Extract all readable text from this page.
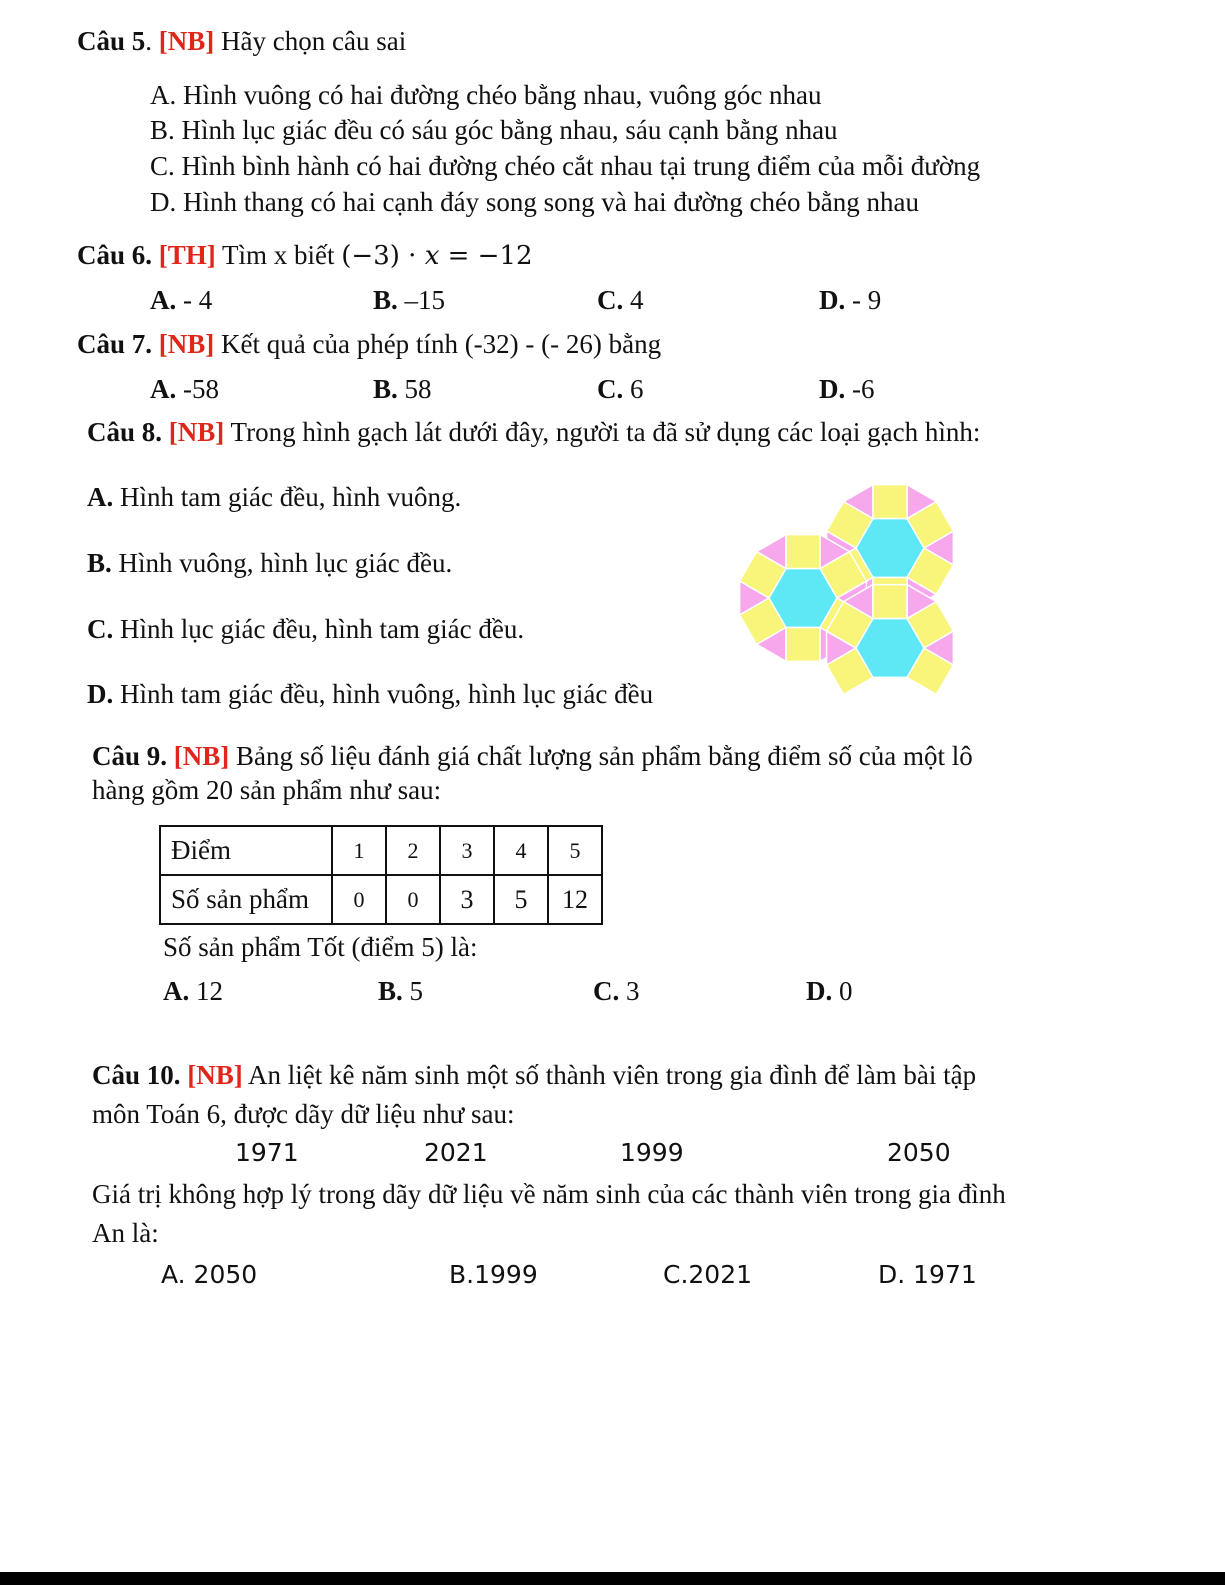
Câu 5. [NB] Hãy chọn câu sai
A. Hình vuông có hai đường chéo bằng nhau, vuông góc nhau
B. Hình lục giác đều có sáu góc bằng nhau, sáu cạnh bằng nhau
C. Hình bình hành có hai đường chéo cắt nhau tại trung điểm của mỗi đường
D. Hình thang có hai cạnh đáy song song và hai đường chéo bằng nhau
Câu 6. [TH] Tìm x biết (−3) · x = −12
A. - 4	B. –15	C. 4	D. - 9
Câu 7. [NB] Kết quả của phép tính (-32) - (- 26) bằng
A. -58	B. 58	C. 6	D. -6
Câu 8. [NB] Trong hình gạch lát dưới đây, người ta đã sử dụng các loại gạch hình:
A. Hình tam giác đều, hình vuông.
B. Hình vuông, hình lục giác đều.
C. Hình lục giác đều, hình tam giác đều.
D. Hình tam giác đều, hình vuông, hình lục giác đều
Câu 9. [NB] Bảng số liệu đánh giá chất lượng sản phẩm bằng điểm số của một lô
hàng gồm 20 sản phẩm như sau:
Điểm	1	2	3	4	5
Số sản phẩm	0	0	3	5	12
Số sản phẩm Tốt (điểm 5) là:
A. 12	B. 5	C. 3	D. 0
Câu 10. [NB] An liệt kê năm sinh một số thành viên trong gia đình để làm bài tập
môn Toán 6, được dãy dữ liệu như sau:
1971	2021	1999	2050
Giá trị không hợp lý trong dãy dữ liệu về năm sinh của các thành viên trong gia đình
An là:
A. 2050	B.1999	C.2021	D. 1971
